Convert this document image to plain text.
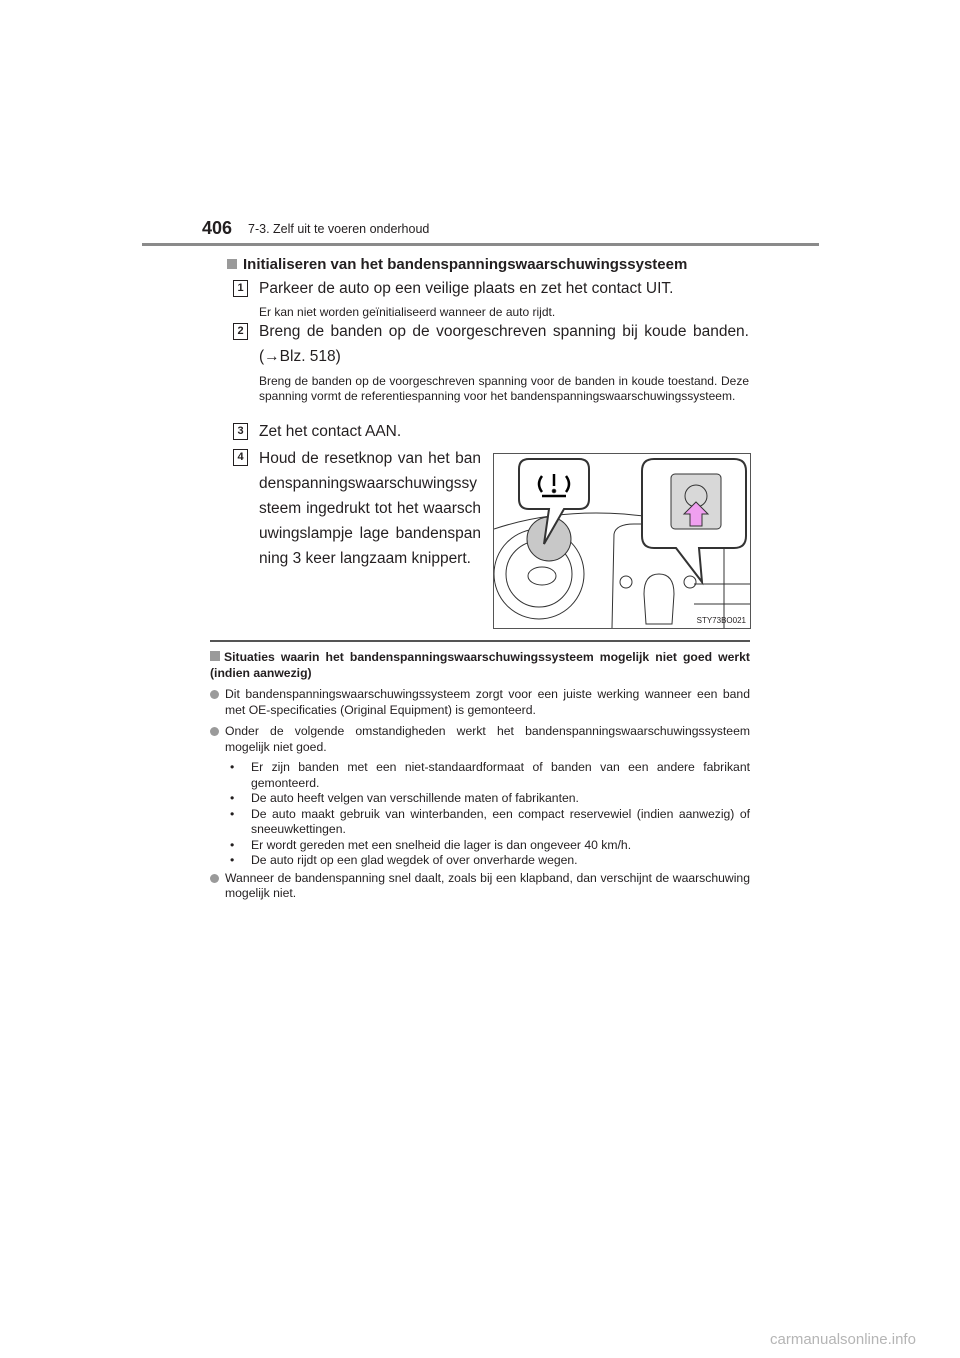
406 7-3. Zelf uit te voeren onderhoud
Initialiseren van het bandenspanningswaarschuwingssysteem
1 Parkeer de auto op een veilige plaats en zet het contact UIT.
Er kan niet worden geïnitialiseerd wanneer de auto rijdt.
2 Breng de banden op de voorgeschreven spanning bij koude banden. (→Blz. 518)
Breng de banden op de voorgeschreven spanning voor de banden in koude toestand. Deze spanning vormt de referentiespanning voor het bandenspanningswaarschuwingssysteem.
3 Zet het contact AAN.
4 Houd de resetknop van het bandenspanningswaarschuwingssysteem ingedrukt tot het waarschuwingslampje lage bandenspanning 3 keer langzaam knippert.
STY73BO021
Situaties waarin het bandenspanningswaarschuwingssysteem mogelijk niet goed werkt (indien aanwezig)
Dit bandenspanningswaarschuwingssysteem zorgt voor een juiste werking wanneer een band met OE-specificaties (Original Equipment) is gemonteerd.
Onder de volgende omstandigheden werkt het bandenspanningswaarschuwingssysteem mogelijk niet goed.
• Er zijn banden met een niet-standaardformaat of banden van een andere fabrikant gemonteerd.
• De auto heeft velgen van verschillende maten of fabrikanten.
• De auto maakt gebruik van winterbanden, een compact reservewiel (indien aanwezig) of sneeuwkettingen.
• Er wordt gereden met een snelheid die lager is dan ongeveer 40 km/h.
• De auto rijdt op een glad wegdek of over onverharde wegen.
Wanneer de bandenspanning snel daalt, zoals bij een klapband, dan verschijnt de waarschuwing mogelijk niet.
carmanualsonline.info
